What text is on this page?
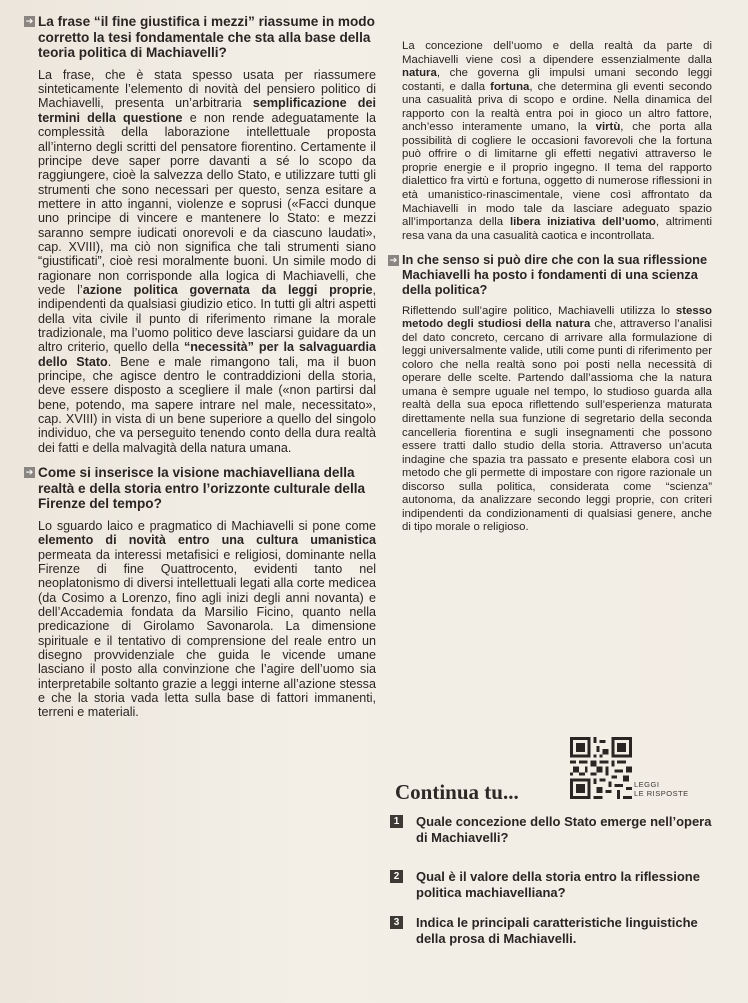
➔ La frase “il fine giustifica i mezzi” riassume in modo corretto la tesi fondamentale che sta alla base della teoria politica di Machiavelli?
La frase, che è stata spesso usata per riassumere sinteticamente l’elemento di novità del pensiero politico di Machiavelli, presenta un’arbitraria semplificazione dei termini della questione e non rende adeguatamente la complessità della laborazione intellettuale proposta all’interno degli scritti del pensatore fiorentino. Certamente il principe deve saper porre davanti a sé lo scopo da raggiungere, cioè la salvezza dello Stato, e utilizzare tutti gli strumenti che sono necessari per questo, senza esitare a mettere in atto inganni, violenze e soprusi («Facci dunque uno principe di vincere e mantenere lo Stato: e mezzi saranno sempre iudicati onorevoli e da ciascuno laudati», cap. XVIII), ma ciò non significa che tali strumenti siano “giustificati”, cioè resi moralmente buoni. Un simile modo di ragionare non corrisponde alla logica di Machiavelli, che vede l’azione politica governata da leggi proprie, indipendenti da qualsiasi giudizio etico. In tutti gli altri aspetti della vita civile il punto di riferimento rimane la morale tradizionale, ma l’uomo politico deve lasciarsi guidare da un altro criterio, quello della “necessità” per la salvaguardia dello Stato. Bene e male rimangono tali, ma il buon principe, che agisce dentro le contraddizioni della storia, deve essere disposto a scegliere il male («non partirsi dal bene, potendo, ma sapere intrare nel male, necessitato», cap. XVIII) in vista di un bene superiore a quello del singolo individuo, che va perseguito tenendo conto della dura realtà dei fatti e della malvagità della natura umana.
➔ Come si inserisce la visione machiavelliana della realtà e della storia entro l’orizzonte culturale della Firenze del tempo?
Lo sguardo laico e pragmatico di Machiavelli si pone come elemento di novità entro una cultura umanistica permeata da interessi metafisici e religiosi, dominante nella Firenze di fine Quattrocento, evidenti tanto nel neoplatonismo di diversi intellettuali legati alla corte medicea (da Cosimo a Lorenzo, fino agli inizi degli anni novanta) e dell’Accademia fondata da Marsilio Ficino, quanto nella predicazione di Girolamo Savonarola. La dimensione spirituale e il tentativo di comprensione del reale entro un disegno provvidenziale che guida le vicende umane lasciano il posto alla convinzione che l’agire dell’uomo sia interpretabile soltanto grazie a leggi interne all’azione stessa e che la storia vada letta sulla base di fattori immanenti, terreni e materiali.
La concezione dell’uomo e della realtà da parte di Machiavelli viene così a dipendere essenzialmente dalla natura, che governa gli impulsi umani secondo leggi costanti, e dalla fortuna, che determina gli eventi secondo una casualità priva di scopo e ordine. Nella dinamica del rapporto con la realtà entra poi in gioco un altro fattore, anch’esso interamente umano, la virtù, che porta alla possibilità di cogliere le occasioni favorevoli che la fortuna può offrire o di limitarne gli effetti negativi attraverso le proprie energie e il proprio ingegno. Il tema del rapporto dialettico fra virtù e fortuna, oggetto di numerose riflessioni in età umanistico-rinascimentale, viene così affrontato da Machiavelli in modo tale da lasciare adeguato spazio all’importanza della libera iniziativa dell’uomo, altrimenti resa vana da una casualità caotica e incontrollata.
➔ In che senso si può dire che con la sua riflessione Machiavelli ha posto i fondamenti di una scienza della politica?
Riflettendo sull’agire politico, Machiavelli utilizza lo stesso metodo degli studiosi della natura che, attraverso l’analisi del dato concreto, cercano di arrivare alla formulazione di leggi universalmente valide, utili come punti di riferimento per coloro che nella realtà sono poi posti nella necessità di operare delle scelte. Partendo dall’assioma che la natura umana è sempre uguale nel tempo, lo studioso guarda alla realtà della sua epoca riflettendo sull’esperienza maturata direttamente nella sua funzione di segretario della seconda cancelleria fiorentina e sugli insegnamenti che possono essere tratti dallo studio della storia. Attraverso un’acuta indagine che spazia tra passato e presente elabora così un metodo che gli permette di impostare con rigore razionale un discorso sulla politica, considerata come “scienza” autonoma, da analizzare secondo leggi proprie, con criteri indipendenti da condizionamenti di qualsiasi genere, anche di tipo morale o religioso.
Continua tu...	LEGGI
LE RISPOSTE
1 Quale concezione dello Stato emerge nell’opera di Machiavelli?
2 Qual è il valore della storia entro la riflessione politica machiavelliana?
3 Indica le principali caratteristiche linguistiche della prosa di Machiavelli.
